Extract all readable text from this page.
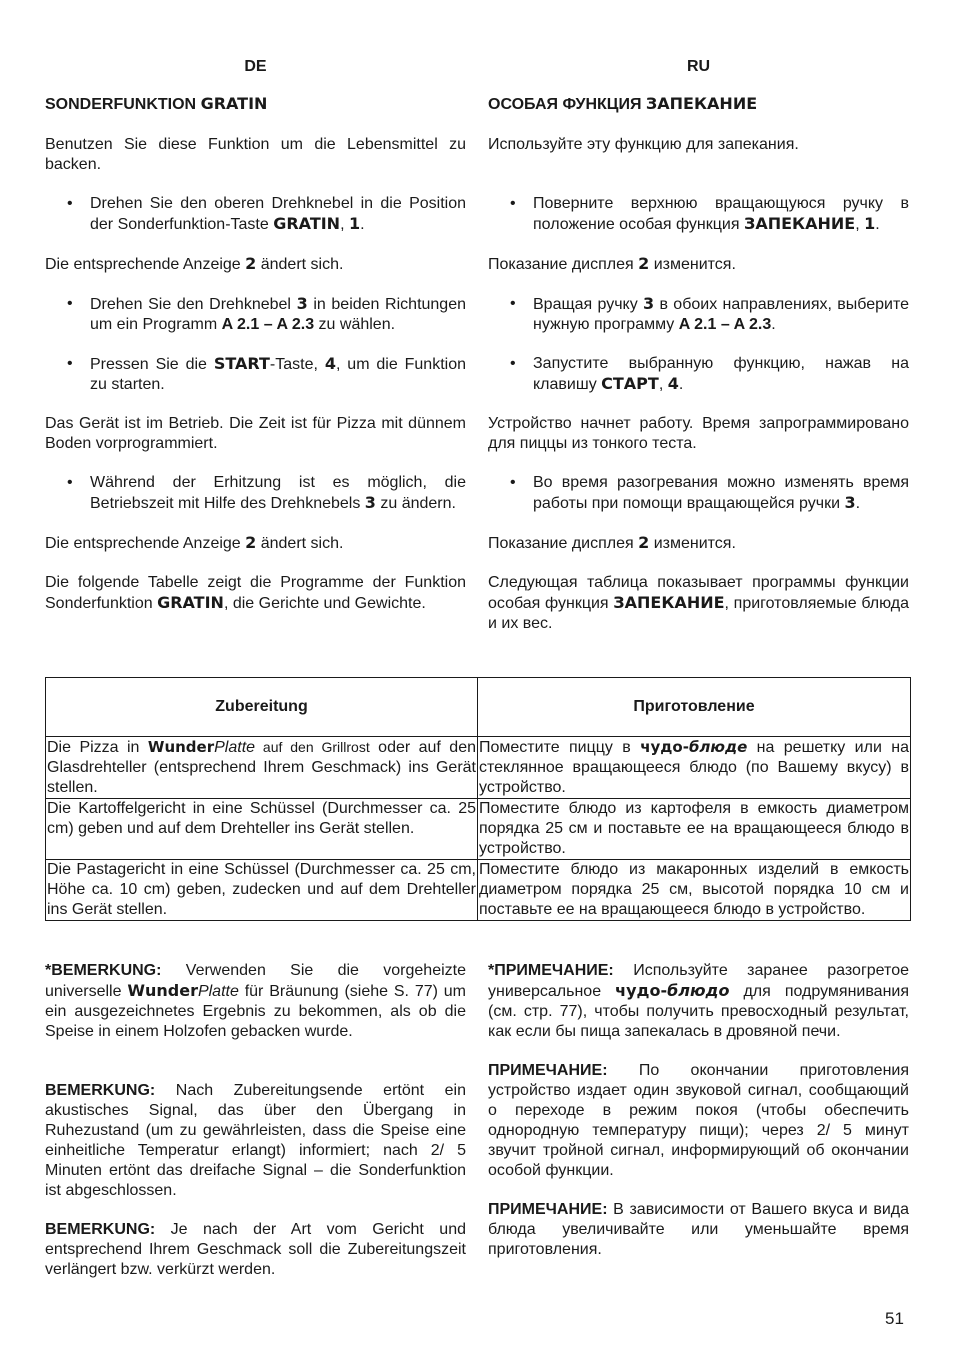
DE
SONDERFUNKTION GRATIN

Benutzen Sie diese Funktion um die Lebensmittel zu backen.

• Drehen Sie den oberen Drehknebel in die Position der Sonderfunktion-Taste GRATIN, 1.

Die entsprechende Anzeige 2 ändert sich.

• Drehen Sie den Drehknebel 3 in beiden Richtungen um ein Programm A 2.1 – A 2.3 zu wählen.

• Pressen Sie die START-Taste, 4, um die Funktion zu starten.

Das Gerät ist im Betrieb. Die Zeit ist für Pizza mit dünnem Boden vorprogrammiert.

• Während der Erhitzung ist es möglich, die Betriebszeit mit Hilfe des Drehknebels 3 zu ändern.

Die entsprechende Anzeige 2 ändert sich.

Die folgende Tabelle zeigt die Programme der Funktion Sonderfunktion GRATIN, die Gerichte und Gewichte.

RU
ОСОБАЯ ФУНКЦИЯ ЗАПЕКАНИЕ

Используйте эту функцию для запекания.

• Поверните верхнюю вращающуюся ручку в положение особая функция ЗАПЕКАНИЕ, 1.

Показание дисплея 2 изменится.

• Вращая ручку 3 в обоих направлениях, выберите нужную программу A 2.1 – A 2.3.

• Запустите выбранную функцию, нажав на клавишу СТАРТ, 4.

Устройство начнет работу. Время запрограммировано для пиццы из тонкого теста.

• Во время разогревания можно изменять время работы при помощи вращающейся ручки 3.

Показание дисплея 2 изменится.

Следующая таблица показывает программы функции особая функция ЗАПЕКАНИЕ, приготовляемые блюда и их вес.

Zubereitung	Приготовление
Die Pizza in WunderPlatte auf den Grillrost oder auf den Glasdrehteller (entsprechend Ihrem Geschmack) ins Gerät stellen.	Поместите пиццу в чудо-блюде на решетку или на стеклянное вращающееся блюдо (по Вашему вкусу) в устройство.
Die Kartoffelgericht in eine Schüssel (Durchmesser ca. 25 cm) geben und auf dem Drehteller ins Gerät stellen.	Поместите блюдо из картофеля в емкость диаметром порядка 25 см и поставьте ее на вращающееся блюдо в устройство.
Die Pastagericht in eine Schüssel (Durchmesser ca. 25 cm, Höhe ca. 10 cm) geben, zudecken und auf dem Drehteller ins Gerät stellen.	Поместите блюдо из макаронных изделий в емкость диаметром порядка 25 см, высотой порядка 10 см и поставьте ее на вращающееся блюдо в устройство.

*BEMERKUNG: Verwenden Sie die vorgeheizte universelle WunderPlatte für Bräunung (siehe S. 77) um ein ausgezeichnetes Ergebnis zu bekommen, als ob die Speise in einem Holzofen gebacken wurde.

BEMERKUNG: Nach Zubereitungsende ertönt ein akustisches Signal, das über den Übergang in Ruhezustand (um zu gewährleisten, dass die Speise eine einheitliche Temperatur erlangt) informiert; nach 2/ 5 Minuten ertönt das dreifache Signal – die Sonderfunktion ist abgeschlossen.

BEMERKUNG: Je nach der Art vom Gericht und entsprechend Ihrem Geschmack soll die Zubereitungszeit verlängert bzw. verkürzt werden.

*ПРИМЕЧАНИЕ: Используйте заранее разогретое универсальное чудо-блюдо для подрумянивания (см. стр. 77), чтобы получить превосходный результат, как если бы пища запекалась в дровяной печи.

ПРИМЕЧАНИЕ: По окончании приготовления устройство издает один звуковой сигнал, сообщающий о переходе в режим покоя (чтобы обеспечить однородную температуру пищи); через 2/ 5 минут звучит тройной сигнал, информирующий об окончании особой функции.

ПРИМЕЧАНИЕ: В зависимости от Вашего вкуса и вида блюда увеличивайте или уменьшайте время приготовления.

51
